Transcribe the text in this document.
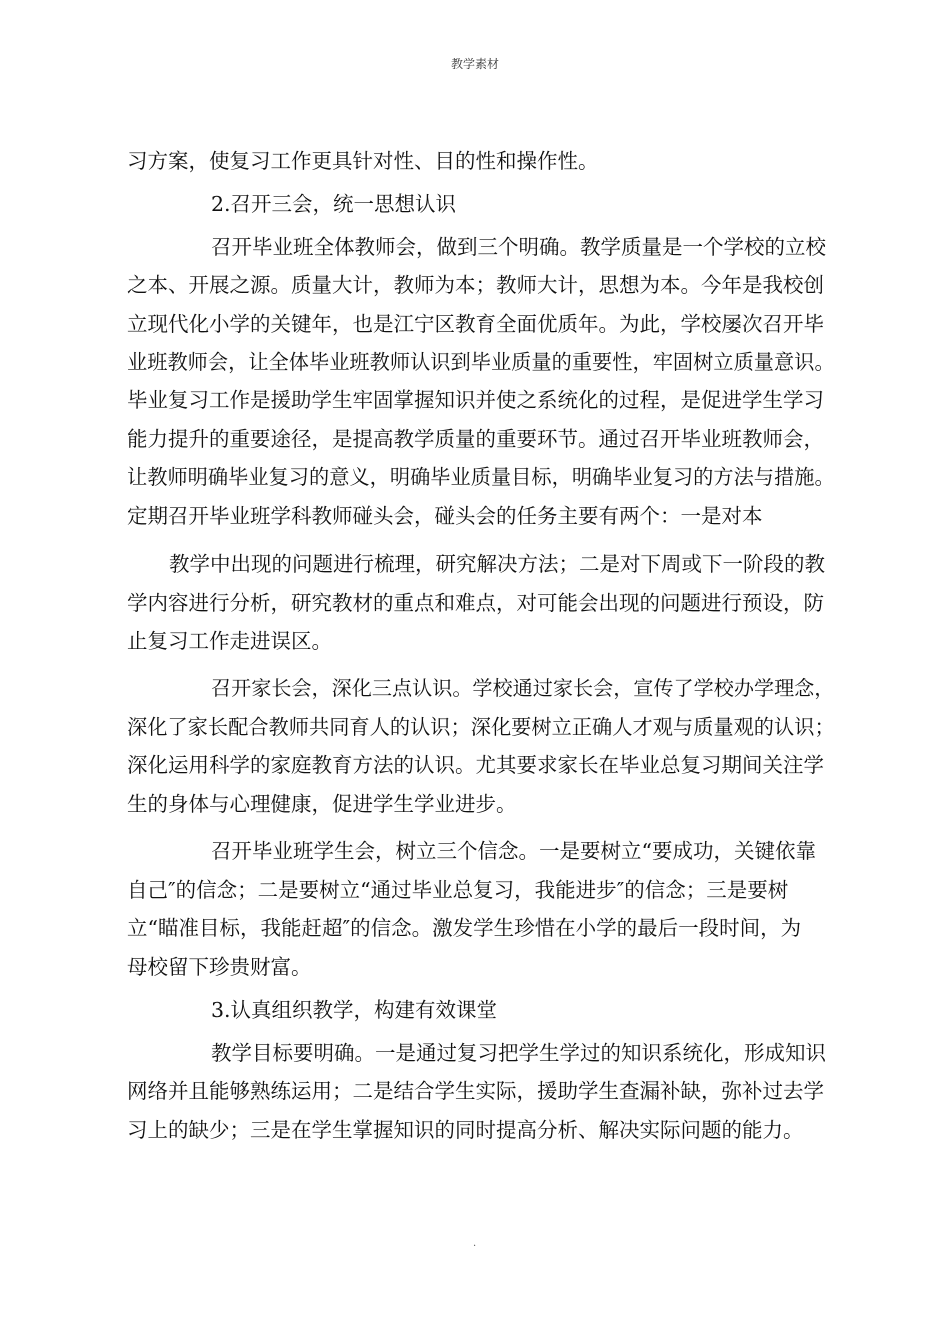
教学素材
习方案，使复习工作更具针对性、目的性和操作性。
2.召开三会，统一思想认识
召开毕业班全体教师会，做到三个明确。教学质量是一个学校的立校
之本、开展之源。质量大计，教师为本；教师大计，思想为本。今年是我校创
立现代化小学的关键年，也是江宁区教育全面优质年。为此，学校屡次召开毕
业班教师会，让全体毕业班教师认识到毕业质量的重要性，牢固树立质量意识。
毕业复习工作是援助学生牢固掌握知识并使之系统化的过程，是促进学生学习
能力提升的重要途径，是提高教学质量的重要环节。通过召开毕业班教师会，
让教师明确毕业复习的意义，明确毕业质量目标，明确毕业复习的方法与措施。
定期召开毕业班学科教师碰头会，碰头会的任务主要有两个：一是对本
教学中出现的问题进行梳理，研究解决方法；二是对下周或下一阶段的教
学内容进行分析，研究教材的重点和难点，对可能会出现的问题进行预设，防
止复习工作走进误区。
召开家长会，深化三点认识。学校通过家长会，宣传了学校办学理念，
深化了家长配合教师共同育人的认识；深化要树立正确人才观与质量观的认识；
深化运用科学的家庭教育方法的认识。尤其要求家长在毕业总复习期间关注学
生的身体与心理健康，促进学生学业进步。
召开毕业班学生会，树立三个信念。一是要树立“要成功，关键依靠
自己″的信念；二是要树立“通过毕业总复习，我能进步″的信念；三是要树
立“瞄准目标，我能赶超″的信念。激发学生珍惜在小学的最后一段时间，为
母校留下珍贵财富。
3.认真组织教学，构建有效课堂
教学目标要明确。一是通过复习把学生学过的知识系统化，形成知识
网络并且能够熟练运用；二是结合学生实际，援助学生查漏补缺，弥补过去学
习上的缺少；三是在学生掌握知识的同时提高分析、解决实际问题的能力。
.
